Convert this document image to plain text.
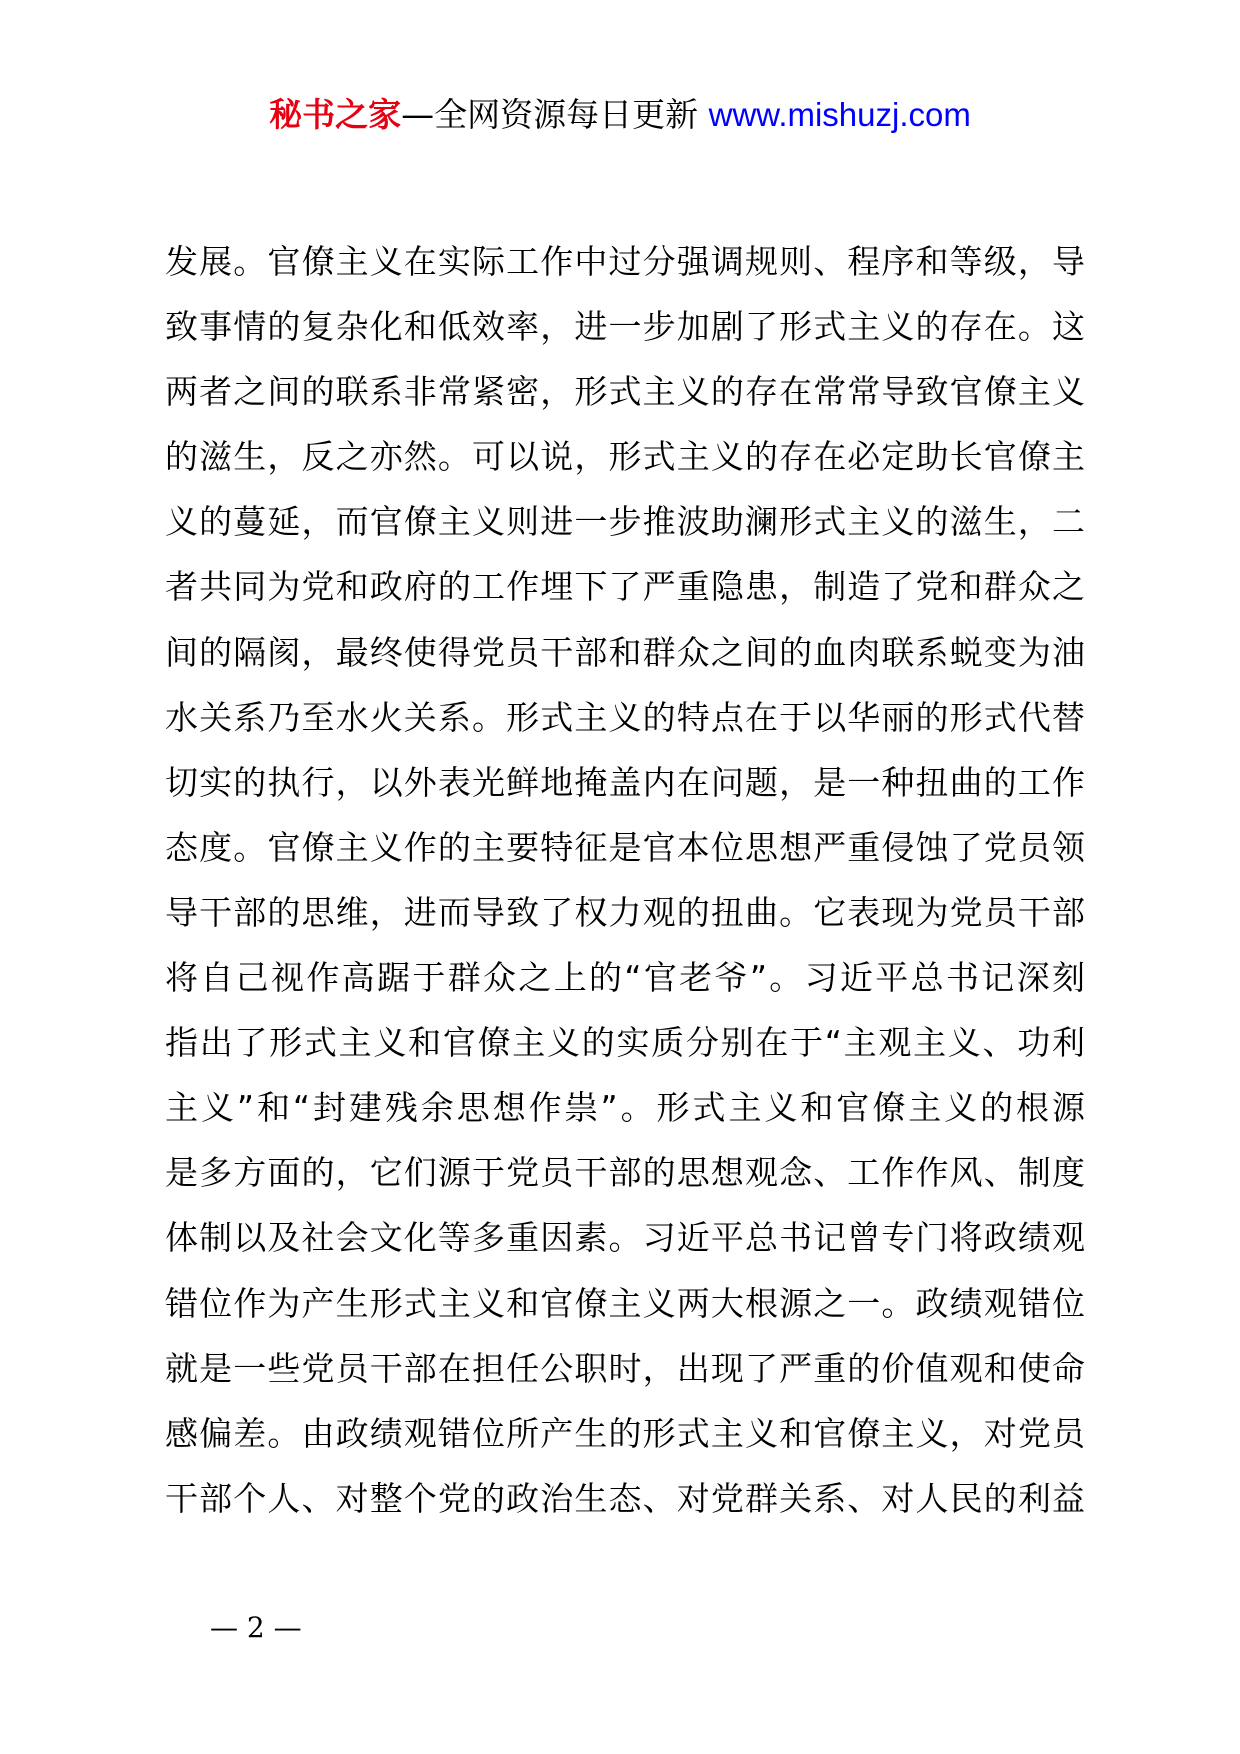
秘书之家—全网资源每日更新 www.mishuzj.com
发展。官僚主义在实际工作中过分强调规则、程序和等级，导
致事情的复杂化和低效率，进一步加剧了形式主义的存在。这
两者之间的联系非常紧密，形式主义的存在常常导致官僚主义
的滋生，反之亦然。可以说，形式主义的存在必定助长官僚主
义的蔓延，而官僚主义则进一步推波助澜形式主义的滋生，二
者共同为党和政府的工作埋下了严重隐患，制造了党和群众之
间的隔阂，最终使得党员干部和群众之间的血肉联系蜕变为油
水关系乃至水火关系。形式主义的特点在于以华丽的形式代替
切实的执行，以外表光鲜地掩盖内在问题，是一种扭曲的工作
态度。官僚主义作的主要特征是官本位思想严重侵蚀了党员领
导干部的思维，进而导致了权力观的扭曲。它表现为党员干部
将自己视作高踞于群众之上的“官老爷”。习近平总书记深刻
指出了形式主义和官僚主义的实质分别在于“主观主义、功利
主义”和“封建残余思想作祟”。形式主义和官僚主义的根源
是多方面的，它们源于党员干部的思想观念、工作作风、制度
体制以及社会文化等多重因素。习近平总书记曾专门将政绩观
错位作为产生形式主义和官僚主义两大根源之一。政绩观错位
就是一些党员干部在担任公职时，出现了严重的价值观和使命
感偏差。由政绩观错位所产生的形式主义和官僚主义，对党员
干部个人、对整个党的政治生态、对党群关系、对人民的利益
— 2 —
